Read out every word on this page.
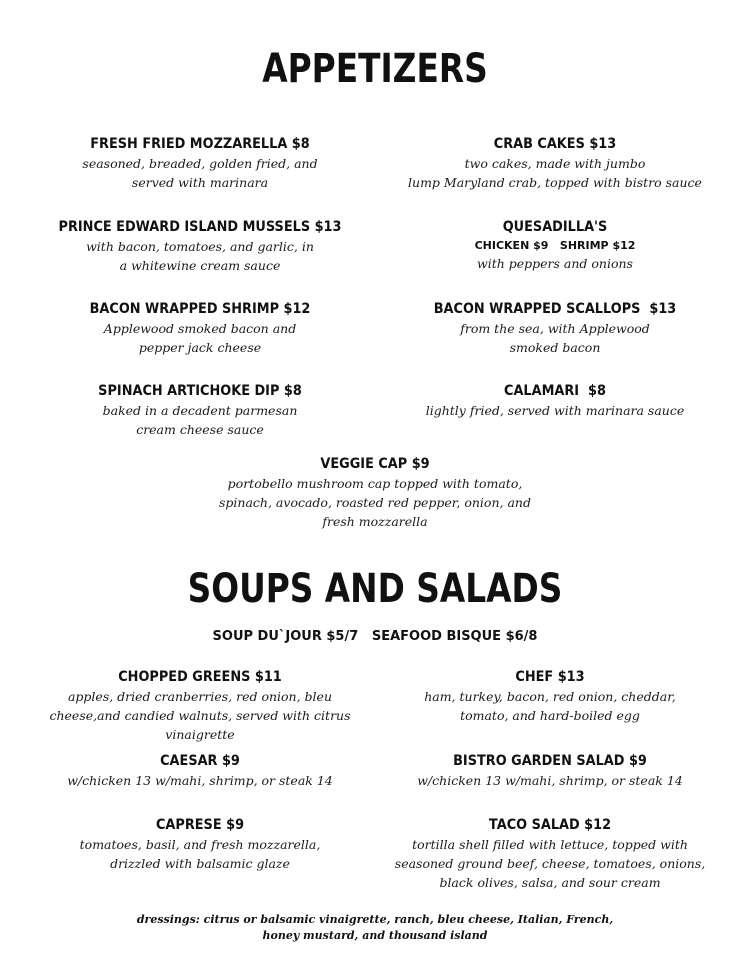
APPETIZERS
FRESH FRIED MOZZARELLA $8
seasoned, breaded, golden fried, and
served with marinara
CRAB CAKES $13
two cakes, made with jumbo
lump Maryland crab, topped with bistro sauce
PRINCE EDWARD ISLAND MUSSELS $13
with bacon, tomatoes, and garlic, in
a whitewine cream sauce
QUESADILLA'S
CHICKEN $9   SHRIMP $12
with peppers and onions
BACON WRAPPED SHRIMP $12
Applewood smoked bacon and
pepper jack cheese
BACON WRAPPED SCALLOPS  $13
from the sea, with Applewood
smoked bacon
SPINACH ARTICHOKE DIP $8
baked in a decadent parmesan
cream cheese sauce
CALAMARI  $8
lightly fried, served with marinara sauce
VEGGIE CAP $9
portobello mushroom cap topped with tomato,
spinach, avocado, roasted red pepper, onion, and
fresh mozzarella
SOUPS AND SALADS
SOUP DU`JOUR $5/7   SEAFOOD BISQUE $6/8
CHOPPED GREENS $11
apples, dried cranberries, red onion, bleu
cheese,and candied walnuts, served with citrus
vinaigrette
CHEF $13
ham, turkey, bacon, red onion, cheddar,
tomato, and hard-boiled egg
CAESAR $9
w/chicken 13 w/mahi, shrimp, or steak 14
BISTRO GARDEN SALAD $9
w/chicken 13 w/mahi, shrimp, or steak 14
CAPRESE $9
tomatoes, basil, and fresh mozzarella,
drizzled with balsamic glaze
TACO SALAD $12
tortilla shell filled with lettuce, topped with
seasoned ground beef, cheese, tomatoes, onions,
black olives, salsa, and sour cream
dressings: citrus or balsamic vinaigrette, ranch, bleu cheese, Italian, French,
honey mustard, and thousand island
